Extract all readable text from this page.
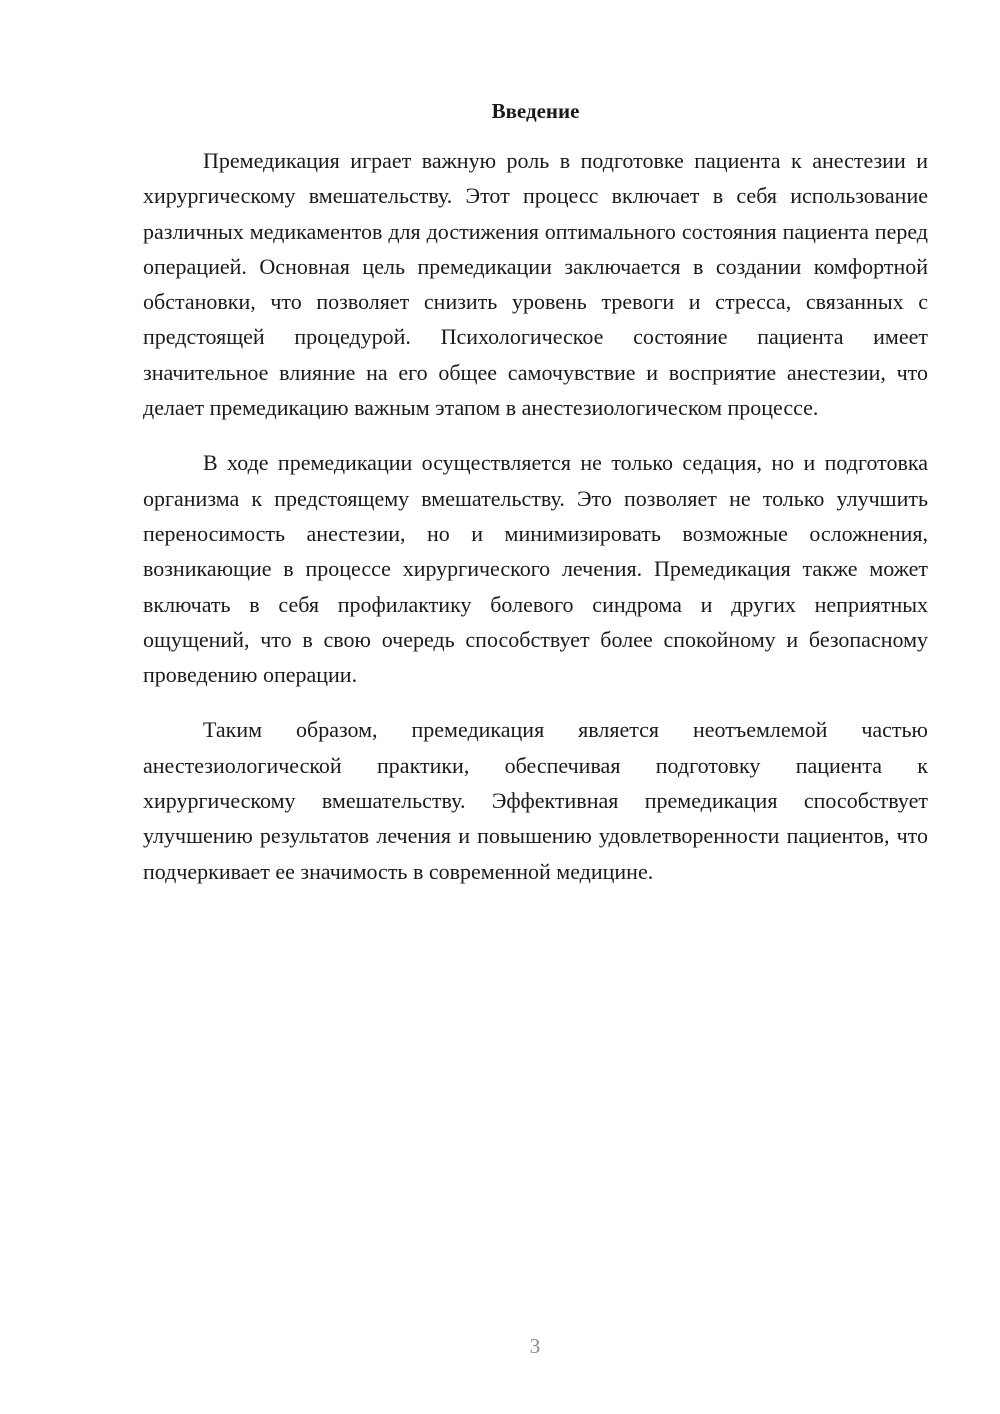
Введение

Премедикация играет важную роль в подготовке пациента к анестезии и хирургическому вмешательству. Этот процесс включает в себя использование различных медикаментов для достижения оптимального состояния пациента перед операцией. Основная цель премедикации заключается в создании комфортной обстановки, что позволяет снизить уровень тревоги и стресса, связанных с предстоящей процедурой. Психологическое состояние пациента имеет значительное влияние на его общее самочувствие и восприятие анестезии, что делает премедикацию важным этапом в анестезиологическом процессе.

В ходе премедикации осуществляется не только седация, но и подготовка организма к предстоящему вмешательству. Это позволяет не только улучшить переносимость анестезии, но и минимизировать возможные осложнения, возникающие в процессе хирургического лечения. Премедикация также может включать в себя профилактику болевого синдрома и других неприятных ощущений, что в свою очередь способствует более спокойному и безопасному проведению операции.

Таким образом, премедикация является неотъемлемой частью анестезиологической практики, обеспечивая подготовку пациента к хирургическому вмешательству. Эффективная премедикация способствует улучшению результатов лечения и повышению удовлетворенности пациентов, что подчеркивает ее значимость в современной медицине.

3
